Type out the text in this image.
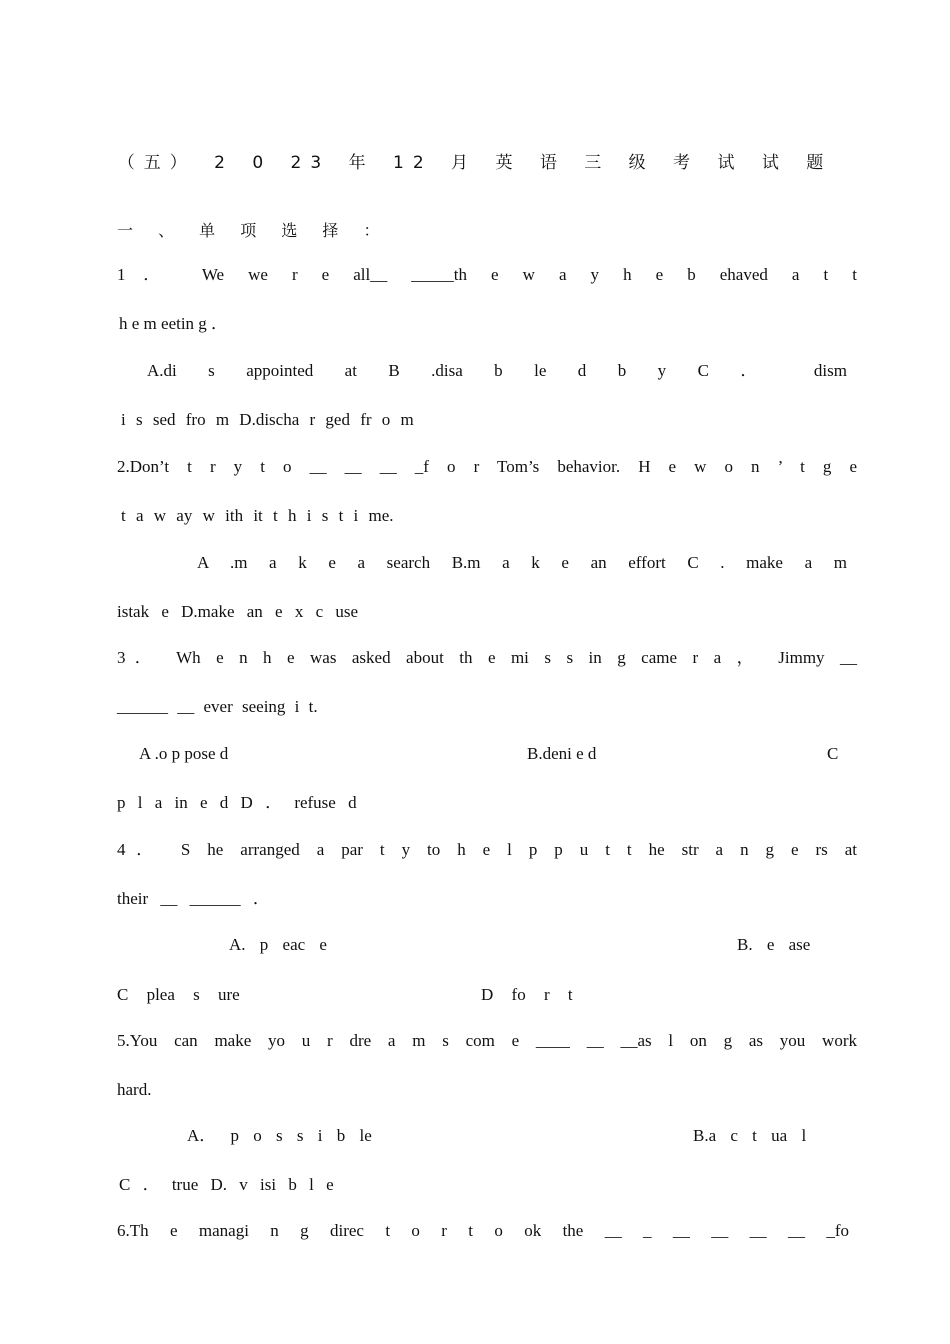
（五） 2 0 23 年 12 月 英 语 三 级 考 试 试 题
一 、 单 项 选 择 ：
1． We we r e all__ _____th e w a y h e b ehaved a t t
h e m eetin g ．
A.di s appointed at B .disa b le d b y C ． dism
i s sed fro m D.discha r ged fr o m
2.Don’t t r y t o __ __ __ _f o r Tom’s behavior. H e w o n ’ t g e
t a w ay w ith it t h i s t i me.
A .m a k e a search B.m a k e an effort C . make a m
istak e D.make an e x c use
3． Wh e n h e was asked about th e mi s s in g came r a ， Jimmy __
______ __ ever seeing i t.
A .o p pose d	B.deni e d	C
p l a in e d D ． refuse d
4． S he arranged a par t y to h e l p p u t t he str a n g e rs at
their __ ______ ．
A. p eac e	B. e ase
C plea s ure	D fo r t
5.You can make yo u r dre a m s com e ____ __ __as l on g as you work
hard.
A． p o s s i b le	B.a c t ua l
C ． true D. v isi b l e
6.Th e managi n g direc t o r t o ok the __ _ __ __ __ __ _fo
